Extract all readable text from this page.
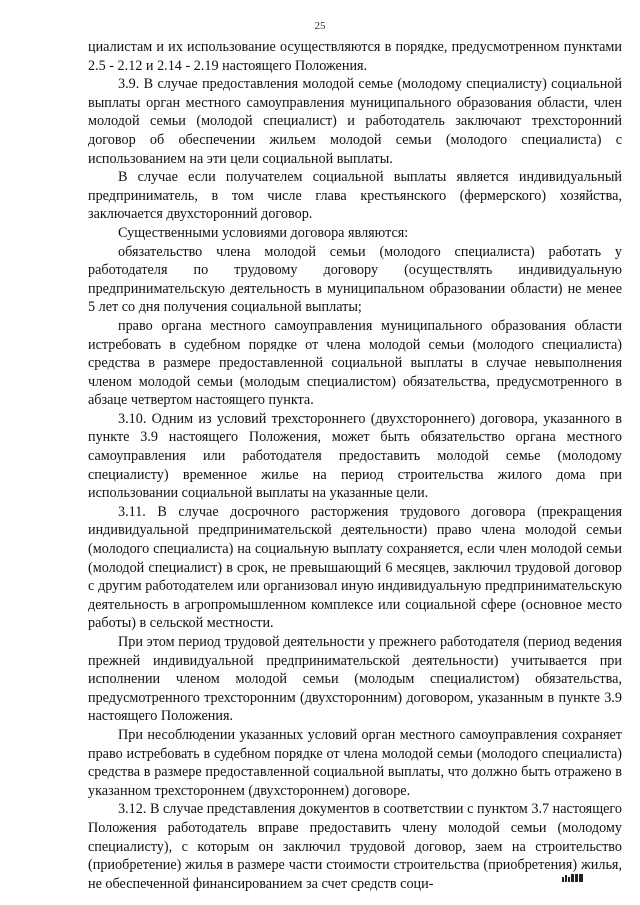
25

циалистам и их использование осуществляются в порядке, предусмотренном пунктами 2.5 - 2.12 и 2.14 - 2.19 настоящего Положения.

3.9. В случае предоставления молодой семье (молодому специалисту) социальной выплаты орган местного самоуправления муниципального образования области, член молодой семьи (молодой специалист) и работодатель заключают трехсторонний договор об обеспечении жильем молодой семьи (молодого специалиста) с использованием на эти цели социальной выплаты.

В случае если получателем социальной выплаты является индивидуальный предприниматель, в том числе глава крестьянского (фермерского) хозяйства, заключается двухсторонний договор.

Существенными условиями договора являются:

обязательство члена молодой семьи (молодого специалиста) работать у работодателя по трудовому договору (осуществлять индивидуальную предпринимательскую деятельность в муниципальном образовании области) не менее 5 лет со дня получения социальной выплаты;

право органа местного самоуправления муниципального образования области истребовать в судебном порядке от члена молодой семьи (молодого специалиста) средства в размере предоставленной социальной выплаты в случае невыполнения членом молодой семьи (молодым специалистом) обязательства, предусмотренного в абзаце четвертом настоящего пункта.

3.10. Одним из условий трехстороннего (двухстороннего) договора, указанного в пункте 3.9 настоящего Положения, может быть обязательство органа местного самоуправления или работодателя предоставить молодой семье (молодому специалисту) временное жилье на период строительства жилого дома при использовании социальной выплаты на указанные цели.

3.11. В случае досрочного расторжения трудового договора (прекращения индивидуальной предпринимательской деятельности) право члена молодой семьи (молодого специалиста) на социальную выплату сохраняется, если член молодой семьи (молодой специалист) в срок, не превышающий 6 месяцев, заключил трудовой договор с другим работодателем или организовал иную индивидуальную предпринимательскую деятельность в агропромышленном комплексе или социальной сфере (основное место работы) в сельской местности.

При этом период трудовой деятельности у прежнего работодателя (период ведения прежней индивидуальной предпринимательской деятельности) учитывается при исполнении членом молодой семьи (молодым специалистом) обязательства, предусмотренного трехсторонним (двухсторонним) договором, указанным в пункте 3.9 настоящего Положения.

При несоблюдении указанных условий орган местного самоуправления сохраняет право истребовать в судебном порядке от члена молодой семьи (молодого специалиста) средства в размере предоставленной социальной выплаты, что должно быть отражено в указанном трехстороннем (двухстороннем) договоре.

3.12. В случае представления документов в соответствии с пунктом 3.7 настоящего Положения работодатель вправе предоставить члену молодой семьи (молодому специалисту), с которым он заключил трудовой договор, заем на строительство (приобретение) жилья в размере части стоимости строительства (приобретения) жилья, не обеспеченной финансированием за счет средств соци-
